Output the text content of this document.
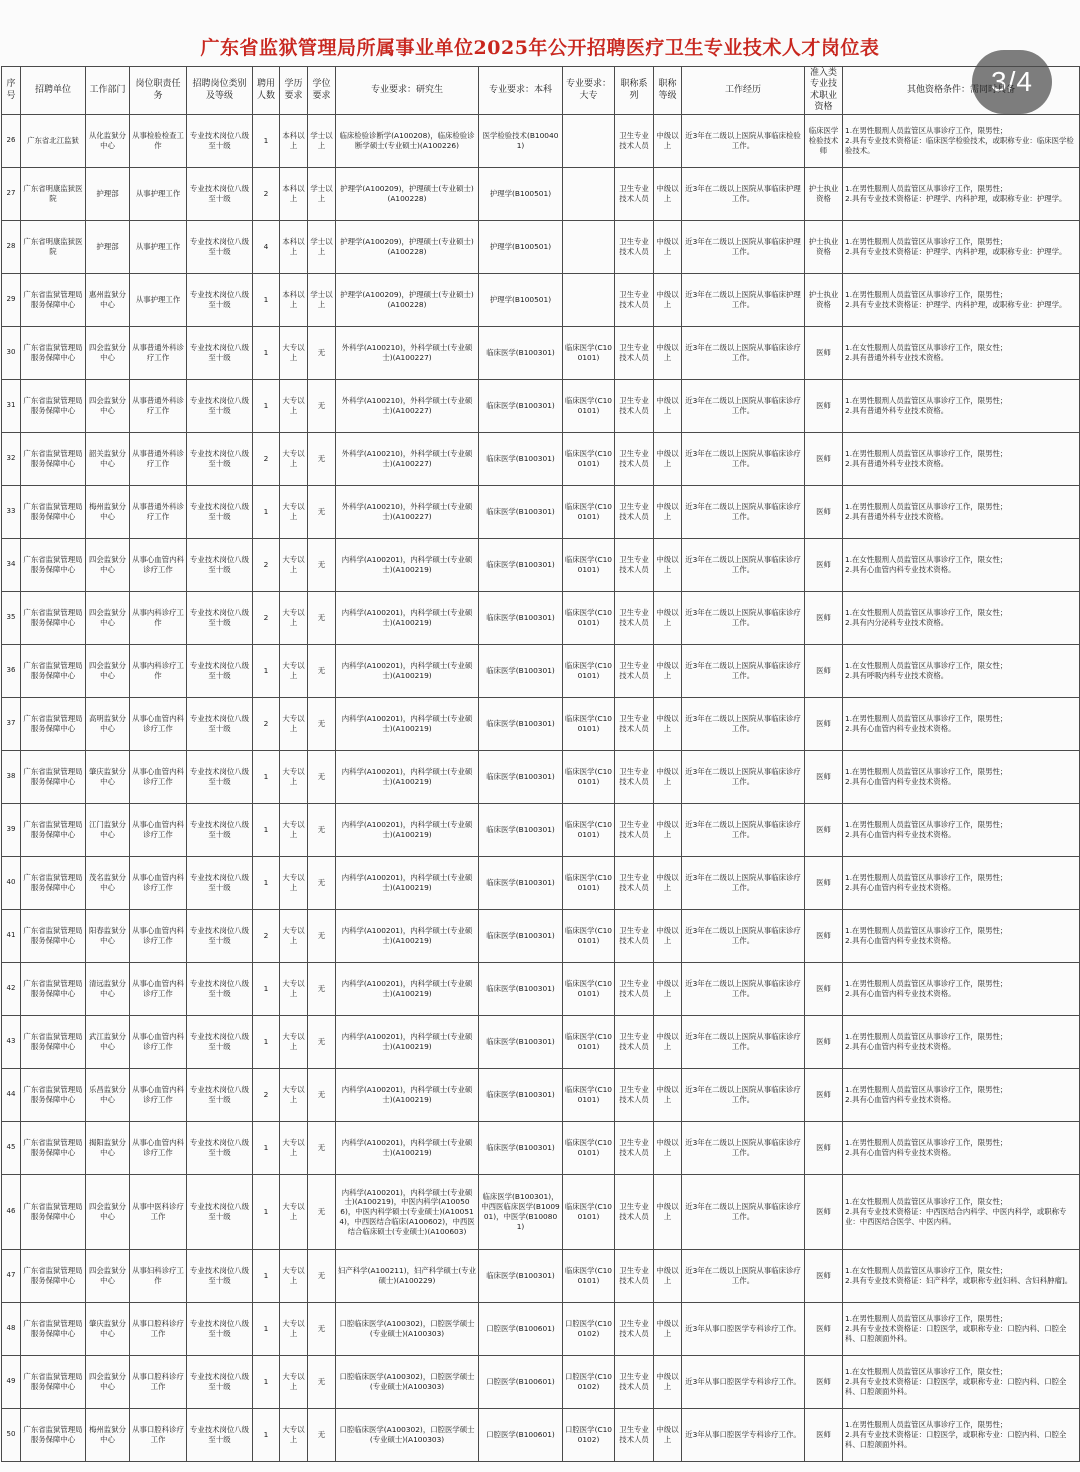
广东省监狱管理局所属事业单位2025年公开招聘医疗卫生专业技术人才岗位表
3/4
序号	招聘单位	工作部门	岗位职责任务	招聘岗位类别及等级	聘用人数	学历要求	学位要求	专业要求：研究生	专业要求：本科	专业要求：大专	职称系列	职称等级	工作经历	准入类专业技术职业资格	其他资格条件：需同时具备
26	广东省北江监狱	从化监狱分中心	从事检验检查工作	专业技术岗位八级至十级	1	本科以上	学士以上	临床检验诊断学(A100208)，临床检验诊断学硕士(专业硕士)(A100226)	医学检验技术(B100401)		卫生专业技术人员	中级以上	近3年在二级以上医院从事临床检验工作。	临床医学检验技术师	1.在男性服刑人员监管区从事诊疗工作，限男性；
2.具有专业技术资格证：临床医学检验技术，或职称专业：临床医学检验技术。
27	广东省明康监狱医院	护理部	从事护理工作	专业技术岗位八级至十级	2	本科以上	学士以上	护理学(A100209)，护理硕士(专业硕士)(A100228)	护理学(B100501)		卫生专业技术人员	中级以上	近3年在二级以上医院从事临床护理工作。	护士执业资格	1.在男性服刑人员监管区从事诊疗工作，限男性；
2.具有专业技术资格证：护理学、内科护理，或职称专业：护理学。
28	广东省明康监狱医院	护理部	从事护理工作	专业技术岗位八级至十级	4	本科以上	学士以上	护理学(A100209)，护理硕士(专业硕士)(A100228)	护理学(B100501)		卫生专业技术人员	中级以上	近3年在二级以上医院从事临床护理工作。	护士执业资格	1.在男性服刑人员监管区从事诊疗工作，限男性；
2.具有专业技术资格证：护理学、内科护理，或职称专业：护理学。
29	广东省监狱管理局服务保障中心	惠州监狱分中心	从事护理工作	专业技术岗位八级至十级	1	本科以上	学士以上	护理学(A100209)，护理硕士(专业硕士)(A100228)	护理学(B100501)		卫生专业技术人员	中级以上	近3年在二级以上医院从事临床护理工作。	护士执业资格	1.在男性服刑人员监管区从事诊疗工作，限男性；
2.具有专业技术资格证：护理学、内科护理，或职称专业：护理学。
30	广东省监狱管理局服务保障中心	四会监狱分中心	从事普通外科诊疗工作	专业技术岗位八级至十级	1	大专以上	无	外科学(A100210)，外科学硕士(专业硕士)(A100227)	临床医学(B100301)	临床医学(C100101)	卫生专业技术人员	中级以上	近3年在二级以上医院从事临床诊疗工作。	医师	1.在女性服刑人员监管区从事诊疗工作，限女性；
2.具有普通外科专业技术资格。
31	广东省监狱管理局服务保障中心	四会监狱分中心	从事普通外科诊疗工作	专业技术岗位八级至十级	1	大专以上	无	外科学(A100210)，外科学硕士(专业硕士)(A100227)	临床医学(B100301)	临床医学(C100101)	卫生专业技术人员	中级以上	近3年在二级以上医院从事临床诊疗工作。	医师	1.在男性服刑人员监管区从事诊疗工作，限男性；
2.具有普通外科专业技术资格。
32	广东省监狱管理局服务保障中心	韶关监狱分中心	从事普通外科诊疗工作	专业技术岗位八级至十级	2	大专以上	无	外科学(A100210)，外科学硕士(专业硕士)(A100227)	临床医学(B100301)	临床医学(C100101)	卫生专业技术人员	中级以上	近3年在二级以上医院从事临床诊疗工作。	医师	1.在男性服刑人员监管区从事诊疗工作，限男性；
2.具有普通外科专业技术资格。
33	广东省监狱管理局服务保障中心	梅州监狱分中心	从事普通外科诊疗工作	专业技术岗位八级至十级	1	大专以上	无	外科学(A100210)，外科学硕士(专业硕士)(A100227)	临床医学(B100301)	临床医学(C100101)	卫生专业技术人员	中级以上	近3年在二级以上医院从事临床诊疗工作。	医师	1.在男性服刑人员监管区从事诊疗工作，限男性；
2.具有普通外科专业技术资格。
34	广东省监狱管理局服务保障中心	四会监狱分中心	从事心血管内科诊疗工作	专业技术岗位八级至十级	2	大专以上	无	内科学(A100201)，内科学硕士(专业硕士)(A100219)	临床医学(B100301)	临床医学(C100101)	卫生专业技术人员	中级以上	近3年在二级以上医院从事临床诊疗工作。	医师	1.在女性服刑人员监管区从事诊疗工作，限女性；
2.具有心血管内科专业技术资格。
35	广东省监狱管理局服务保障中心	四会监狱分中心	从事内科诊疗工作	专业技术岗位八级至十级	2	大专以上	无	内科学(A100201)，内科学硕士(专业硕士)(A100219)	临床医学(B100301)	临床医学(C100101)	卫生专业技术人员	中级以上	近3年在二级以上医院从事临床诊疗工作。	医师	1.在女性服刑人员监管区从事诊疗工作，限女性；
2.具有内分泌科专业技术资格。
36	广东省监狱管理局服务保障中心	四会监狱分中心	从事内科诊疗工作	专业技术岗位八级至十级	1	大专以上	无	内科学(A100201)，内科学硕士(专业硕士)(A100219)	临床医学(B100301)	临床医学(C100101)	卫生专业技术人员	中级以上	近3年在二级以上医院从事临床诊疗工作。	医师	1.在女性服刑人员监管区从事诊疗工作，限女性；
2.具有呼吸内科专业技术资格。
37	广东省监狱管理局服务保障中心	高明监狱分中心	从事心血管内科诊疗工作	专业技术岗位八级至十级	2	大专以上	无	内科学(A100201)，内科学硕士(专业硕士)(A100219)	临床医学(B100301)	临床医学(C100101)	卫生专业技术人员	中级以上	近3年在二级以上医院从事临床诊疗工作。	医师	1.在男性服刑人员监管区从事诊疗工作，限男性；
2.具有心血管内科专业技术资格。
38	广东省监狱管理局服务保障中心	肇庆监狱分中心	从事心血管内科诊疗工作	专业技术岗位八级至十级	1	大专以上	无	内科学(A100201)，内科学硕士(专业硕士)(A100219)	临床医学(B100301)	临床医学(C100101)	卫生专业技术人员	中级以上	近3年在二级以上医院从事临床诊疗工作。	医师	1.在男性服刑人员监管区从事诊疗工作，限男性；
2.具有心血管内科专业技术资格。
39	广东省监狱管理局服务保障中心	江门监狱分中心	从事心血管内科诊疗工作	专业技术岗位八级至十级	1	大专以上	无	内科学(A100201)，内科学硕士(专业硕士)(A100219)	临床医学(B100301)	临床医学(C100101)	卫生专业技术人员	中级以上	近3年在二级以上医院从事临床诊疗工作。	医师	1.在男性服刑人员监管区从事诊疗工作，限男性；
2.具有心血管内科专业技术资格。
40	广东省监狱管理局服务保障中心	茂名监狱分中心	从事心血管内科诊疗工作	专业技术岗位八级至十级	1	大专以上	无	内科学(A100201)，内科学硕士(专业硕士)(A100219)	临床医学(B100301)	临床医学(C100101)	卫生专业技术人员	中级以上	近3年在二级以上医院从事临床诊疗工作。	医师	1.在男性服刑人员监管区从事诊疗工作，限男性；
2.具有心血管内科专业技术资格。
41	广东省监狱管理局服务保障中心	阳春监狱分中心	从事心血管内科诊疗工作	专业技术岗位八级至十级	2	大专以上	无	内科学(A100201)，内科学硕士(专业硕士)(A100219)	临床医学(B100301)	临床医学(C100101)	卫生专业技术人员	中级以上	近3年在二级以上医院从事临床诊疗工作。	医师	1.在男性服刑人员监管区从事诊疗工作，限男性；
2.具有心血管内科专业技术资格。
42	广东省监狱管理局服务保障中心	清远监狱分中心	从事心血管内科诊疗工作	专业技术岗位八级至十级	1	大专以上	无	内科学(A100201)，内科学硕士(专业硕士)(A100219)	临床医学(B100301)	临床医学(C100101)	卫生专业技术人员	中级以上	近3年在二级以上医院从事临床诊疗工作。	医师	1.在男性服刑人员监管区从事诊疗工作，限男性；
2.具有心血管内科专业技术资格。
43	广东省监狱管理局服务保障中心	武江监狱分中心	从事心血管内科诊疗工作	专业技术岗位八级至十级	1	大专以上	无	内科学(A100201)，内科学硕士(专业硕士)(A100219)	临床医学(B100301)	临床医学(C100101)	卫生专业技术人员	中级以上	近3年在二级以上医院从事临床诊疗工作。	医师	1.在男性服刑人员监管区从事诊疗工作，限男性；
2.具有心血管内科专业技术资格。
44	广东省监狱管理局服务保障中心	乐昌监狱分中心	从事心血管内科诊疗工作	专业技术岗位八级至十级	2	大专以上	无	内科学(A100201)，内科学硕士(专业硕士)(A100219)	临床医学(B100301)	临床医学(C100101)	卫生专业技术人员	中级以上	近3年在二级以上医院从事临床诊疗工作。	医师	1.在男性服刑人员监管区从事诊疗工作，限男性；
2.具有心血管内科专业技术资格。
45	广东省监狱管理局服务保障中心	揭阳监狱分中心	从事心血管内科诊疗工作	专业技术岗位八级至十级	1	大专以上	无	内科学(A100201)，内科学硕士(专业硕士)(A100219)	临床医学(B100301)	临床医学(C100101)	卫生专业技术人员	中级以上	近3年在二级以上医院从事临床诊疗工作。	医师	1.在男性服刑人员监管区从事诊疗工作，限男性；
2.具有心血管内科专业技术资格。
46	广东省监狱管理局服务保障中心	四会监狱分中心	从事中医科诊疗工作	专业技术岗位八级至十级	1	大专以上	无	内科学(A100201)，内科学硕士(专业硕士)(A100219)，中医内科学(A100506)，中医内科学硕士(专业硕士)(A100514)，中西医结合临床(A100602)，中西医结合临床硕士(专业硕士)(A100603)	临床医学(B100301)，中西医临床医学(B100901)，中医学(B100801)	临床医学(C100101)	卫生专业技术人员	中级以上	近3年在二级以上医院从事临床诊疗工作。	医师	1.在女性服刑人员监管区从事诊疗工作，限女性；
2.具有专业技术资格证：中西医结合内科学、中医内科学，或职称专业：中西医结合医学、中医内科。
47	广东省监狱管理局服务保障中心	四会监狱分中心	从事妇科诊疗工作	专业技术岗位八级至十级	1	大专以上	无	妇产科学(A100211)，妇产科学硕士(专业硕士)(A100229)	临床医学(B100301)	临床医学(C100101)	卫生专业技术人员	中级以上	近3年在二级以上医院从事临床诊疗工作。	医师	1.在女性服刑人员监管区从事诊疗工作，限女性；
2.具有专业技术资格证：妇产科学，或职称专业[妇科、含妇科肿瘤]。
48	广东省监狱管理局服务保障中心	肇庆监狱分中心	从事口腔科诊疗工作	专业技术岗位八级至十级	1	大专以上	无	口腔临床医学(A100302)，口腔医学硕士(专业硕士)(A100303)	口腔医学(B100601)	口腔医学(C100102)	卫生专业技术人员	中级以上	近3年从事口腔医学专科诊疗工作。	医师	1.在男性服刑人员监管区从事诊疗工作，限男性；
2.具有专业技术资格证：口腔医学，或职称专业：口腔内科、口腔全科、口腔颌面外科。
49	广东省监狱管理局服务保障中心	四会监狱分中心	从事口腔科诊疗工作	专业技术岗位八级至十级	1	大专以上	无	口腔临床医学(A100302)，口腔医学硕士(专业硕士)(A100303)	口腔医学(B100601)	口腔医学(C100102)	卫生专业技术人员	中级以上	近3年从事口腔医学专科诊疗工作。	医师	1.在女性服刑人员监管区从事诊疗工作，限女性；
2.具有专业技术资格证：口腔医学，或职称专业：口腔内科、口腔全科、口腔颌面外科。
50	广东省监狱管理局服务保障中心	梅州监狱分中心	从事口腔科诊疗工作	专业技术岗位八级至十级	1	大专以上	无	口腔临床医学(A100302)，口腔医学硕士(专业硕士)(A100303)	口腔医学(B100601)	口腔医学(C100102)	卫生专业技术人员	中级以上	近3年从事口腔医学专科诊疗工作。	医师	1.在男性服刑人员监管区从事诊疗工作，限男性；
2.具有专业技术资格证：口腔医学，或职称专业：口腔内科、口腔全科、口腔颌面外科。
